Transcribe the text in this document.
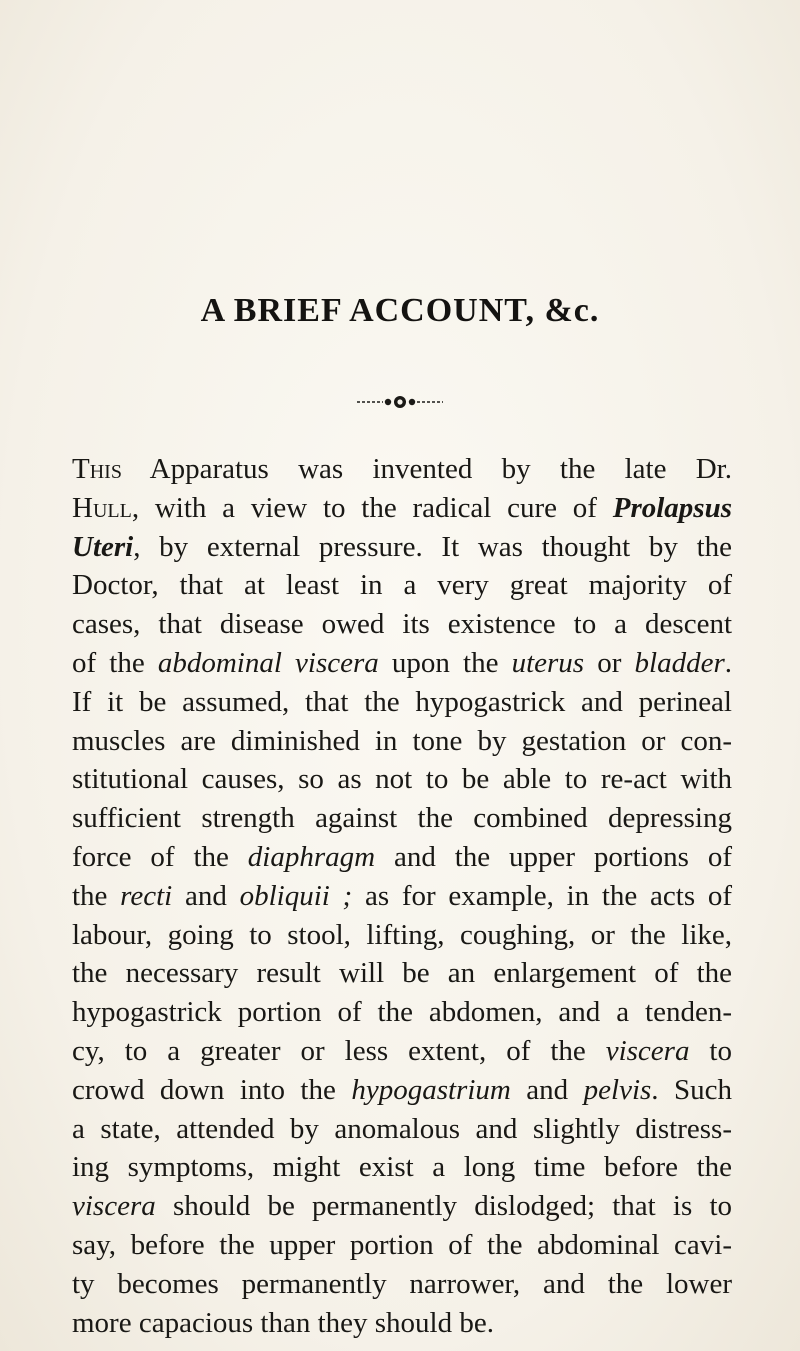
A BRIEF ACCOUNT, &c.
This Apparatus was invented by the late Dr.
Hull, with a view to the radical cure of Prolapsus
Uteri, by external pressure. It was thought by the
Doctor, that at least in a very great majority of
cases, that disease owed its existence to a descent
of the abdominal viscera upon the uterus or bladder.
If it be assumed, that the hypogastrick and perineal
muscles are diminished in tone by gestation or con-
stitutional causes, so as not to be able to re-act with
sufficient strength against the combined depressing
force of the diaphragm and the upper portions of
the recti and obliquii ; as for example, in the acts of
labour, going to stool, lifting, coughing, or the like,
the necessary result will be an enlargement of the
hypogastrick portion of the abdomen, and a tenden-
cy, to a greater or less extent, of the viscera to
crowd down into the hypogastrium and pelvis. Such
a state, attended by anomalous and slightly distress-
ing symptoms, might exist a long time before the
viscera should be permanently dislodged; that is to
say, before the upper portion of the abdominal cavi-
ty becomes permanently narrower, and the lower
more capacious than they should be.
